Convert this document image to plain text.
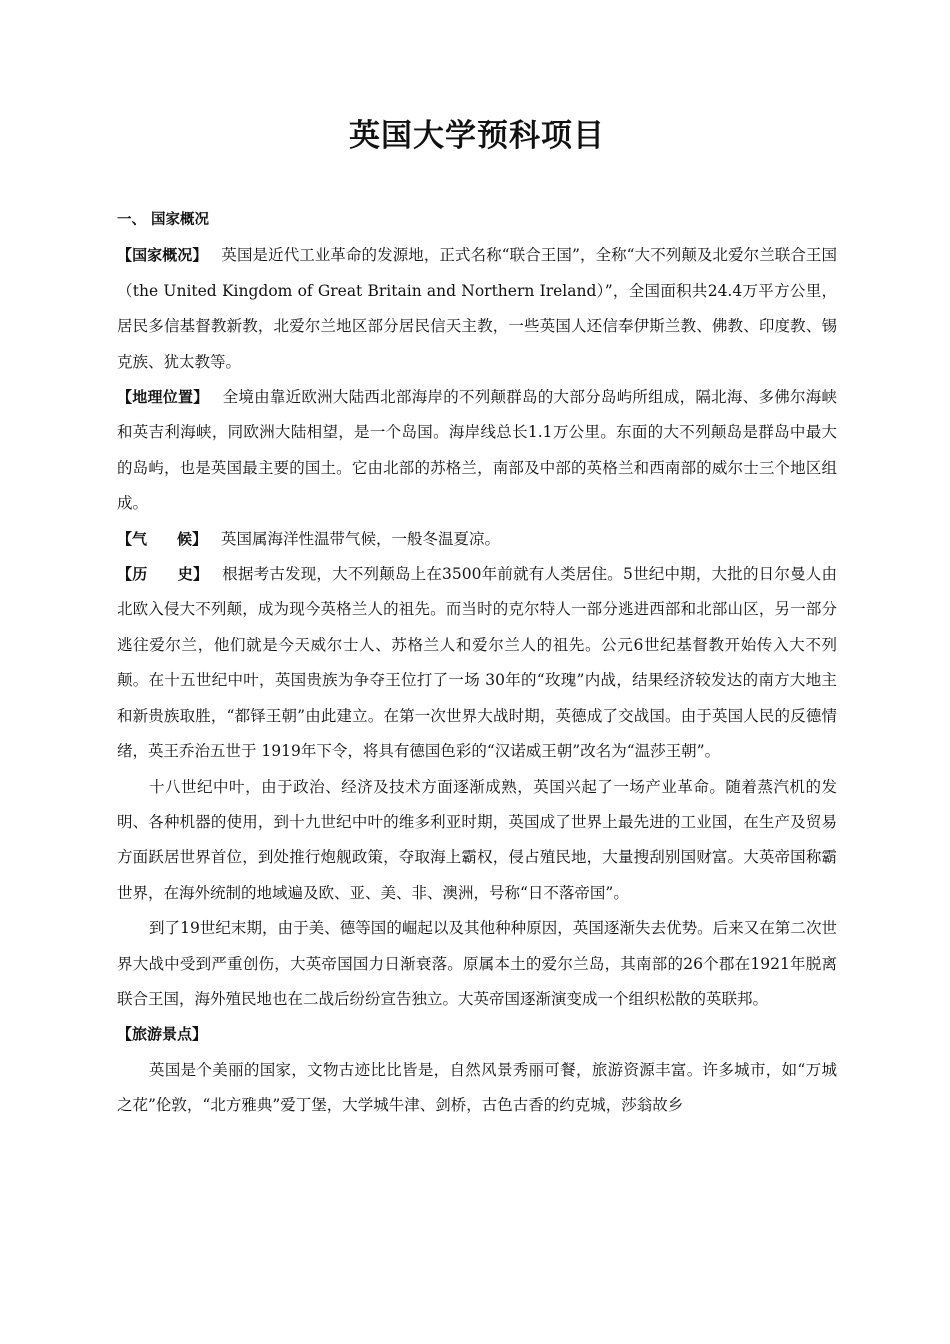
英国大学预科项目

一、 国家概况

【国家概况】 英国是近代工业革命的发源地，正式名称“联合王国”，全称“大不列颠及北爱尔兰联合王国（the United Kingdom of Great Britain and Northern Ireland）”，全国面积共24.4万平方公里，居民多信基督教新教，北爱尔兰地区部分居民信天主教，一些英国人还信奉伊斯兰教、佛教、印度教、锡克族、犹太教等。

【地理位置】 全境由靠近欧洲大陆西北部海岸的不列颠群岛的大部分岛屿所组成，隔北海、多佛尔海峡和英吉利海峡，同欧洲大陆相望，是一个岛国。海岸线总长1.1万公里。东面的大不列颠岛是群岛中最大的岛屿，也是英国最主要的国土。它由北部的苏格兰，南部及中部的英格兰和西南部的威尔士三个地区组成。

【气　　候】 英国属海洋性温带气候，一般冬温夏凉。

【历　　史】 根据考古发现，大不列颠岛上在3500年前就有人类居住。5世纪中期，大批的日尔曼人由北欧入侵大不列颠，成为现今英格兰人的祖先。而当时的克尔特人一部分逃进西部和北部山区，另一部分逃往爱尔兰，他们就是今天威尔士人、苏格兰人和爱尔兰人的祖先。公元6世纪基督教开始传入大不列颠。在十五世纪中叶，英国贵族为争夺王位打了一场 30年的“玫瑰”内战，结果经济较发达的南方大地主和新贵族取胜，“都铎王朝”由此建立。在第一次世界大战时期，英德成了交战国。由于英国人民的反德情绪，英王乔治五世于 1919年下令，将具有德国色彩的“汉诺威王朝”改名为“温莎王朝”。

十八世纪中叶，由于政治、经济及技术方面逐渐成熟，英国兴起了一场产业革命。随着蒸汽机的发明、各种机器的使用，到十九世纪中叶的维多利亚时期，英国成了世界上最先进的工业国，在生产及贸易方面跃居世界首位，到处推行炮舰政策，夺取海上霸权，侵占殖民地，大量搜刮别国财富。大英帝国称霸世界，在海外统制的地域遍及欧、亚、美、非、澳洲，号称“日不落帝国”。

到了19世纪末期，由于美、德等国的崛起以及其他种种原因，英国逐渐失去优势。后来又在第二次世界大战中受到严重创伤，大英帝国国力日渐衰落。原属本土的爱尔兰岛，其南部的26个郡在1921年脱离联合王国，海外殖民地也在二战后纷纷宣告独立。大英帝国逐渐演变成一个组织松散的英联邦。

【旅游景点】

英国是个美丽的国家，文物古迹比比皆是，自然风景秀丽可餐，旅游资源丰富。许多城市，如“万城之花”伦敦，“北方雅典”爱丁堡，大学城牛津、剑桥，古色古香的约克城，莎翁故乡
